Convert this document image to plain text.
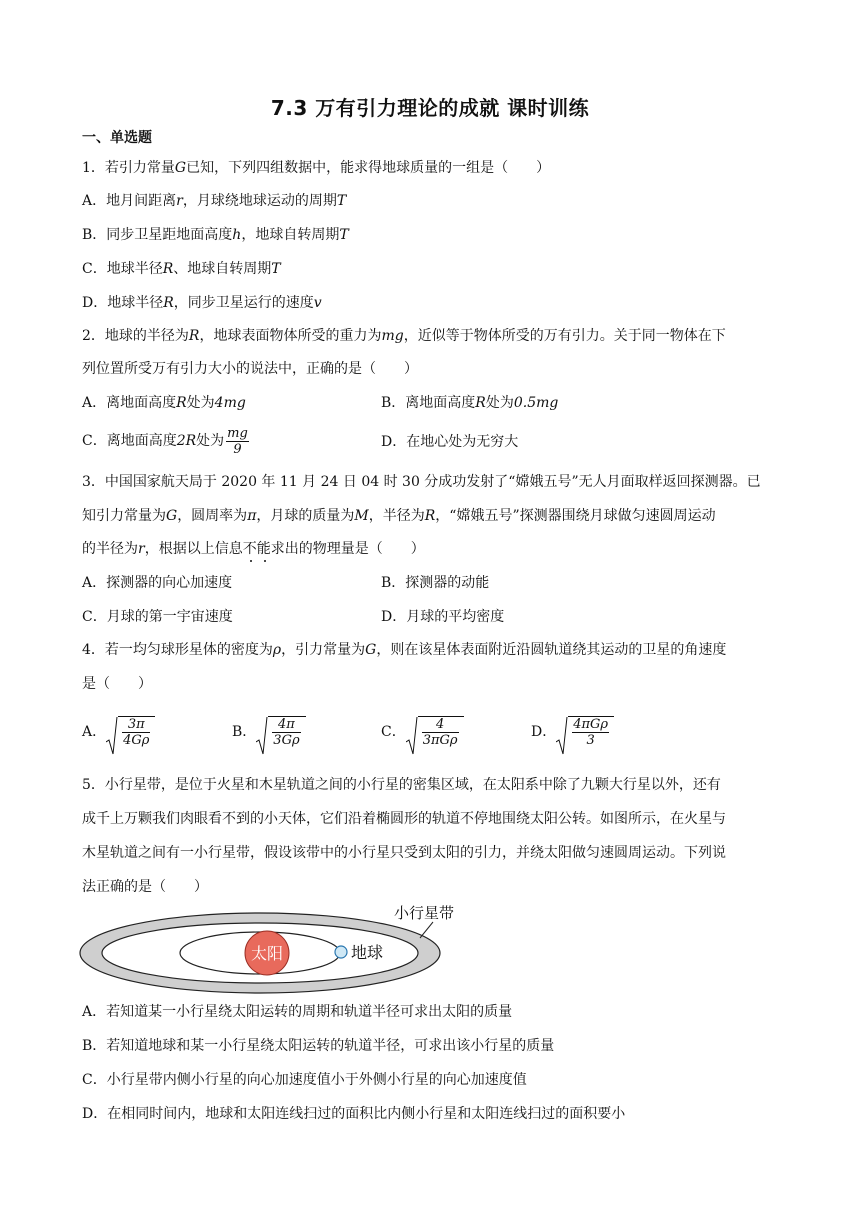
7.3 万有引力理论的成就 课时训练
一、单选题
1．若引力常量G已知，下列四组数据中，能求得地球质量的一组是（　　）
A．地月间距离r，月球绕地球运动的周期T
B．同步卫星距地面高度h，地球自转周期T
C．地球半径R、地球自转周期T
D．地球半径R，同步卫星运行的速度v
2．地球的半径为R，地球表面物体所受的重力为mg，近似等于物体所受的万有引力。关于同一物体在下
列位置所受万有引力大小的说法中，正确的是（　　）
A．离地面高度R处为4mg	B．离地面高度R处为0.5mg
C．离地面高度2R处为 $\frac{mg}{9}$	D．在地心处为无穷大
3．中国国家航天局于 2020 年 11 月 24 日 04 时 30 分成功发射了“嫦娥五号”无人月面取样返回探测器。已
知引力常量为G，圆周率为π，月球的质量为M，半径为R，“嫦娥五号”探测器围绕月球做匀速圆周运动
的半径为r，根据以上信息不能求出的物理量是（　　）
A．探测器的向心加速度	B．探测器的动能
C．月球的第一宇宙速度	D．月球的平均密度
4．若一均匀球形星体的密度为ρ，引力常量为G，则在该星体表面附近沿圆轨道绕其运动的卫星的角速度
是（　　）
A． $\frac{3\pi}{4G\rho}$	B． $\frac{4\pi}{3G\rho}$	C． $\frac{4}{\text{3πGρ}}$	D． $\frac{\text{4πGρ}}{3}$
5．小行星带，是位于火星和木星轨道之间的小行星的密集区域，在太阳系中除了九颗大行星以外，还有
成千上万颗我们肉眼看不到的小天体，它们沿着椭圆形的轨道不停地围绕太阳公转。如图所示，在火星与
木星轨道之间有一小行星带，假设该带中的小行星只受到太阳的引力，并绕太阳做匀速圆周运动。下列说
法正确的是（　　）
太阳	地球
小行星带
A．若知道某一小行星绕太阳运转的周期和轨道半径可求出太阳的质量
B．若知道地球和某一小行星绕太阳运转的轨道半径，可求出该小行星的质量
C．小行星带内侧小行星的向心加速度值小于外侧小行星的向心加速度值
D．在相同时间内，地球和太阳连线扫过的面积比内侧小行星和太阳连线扫过的面积要小
